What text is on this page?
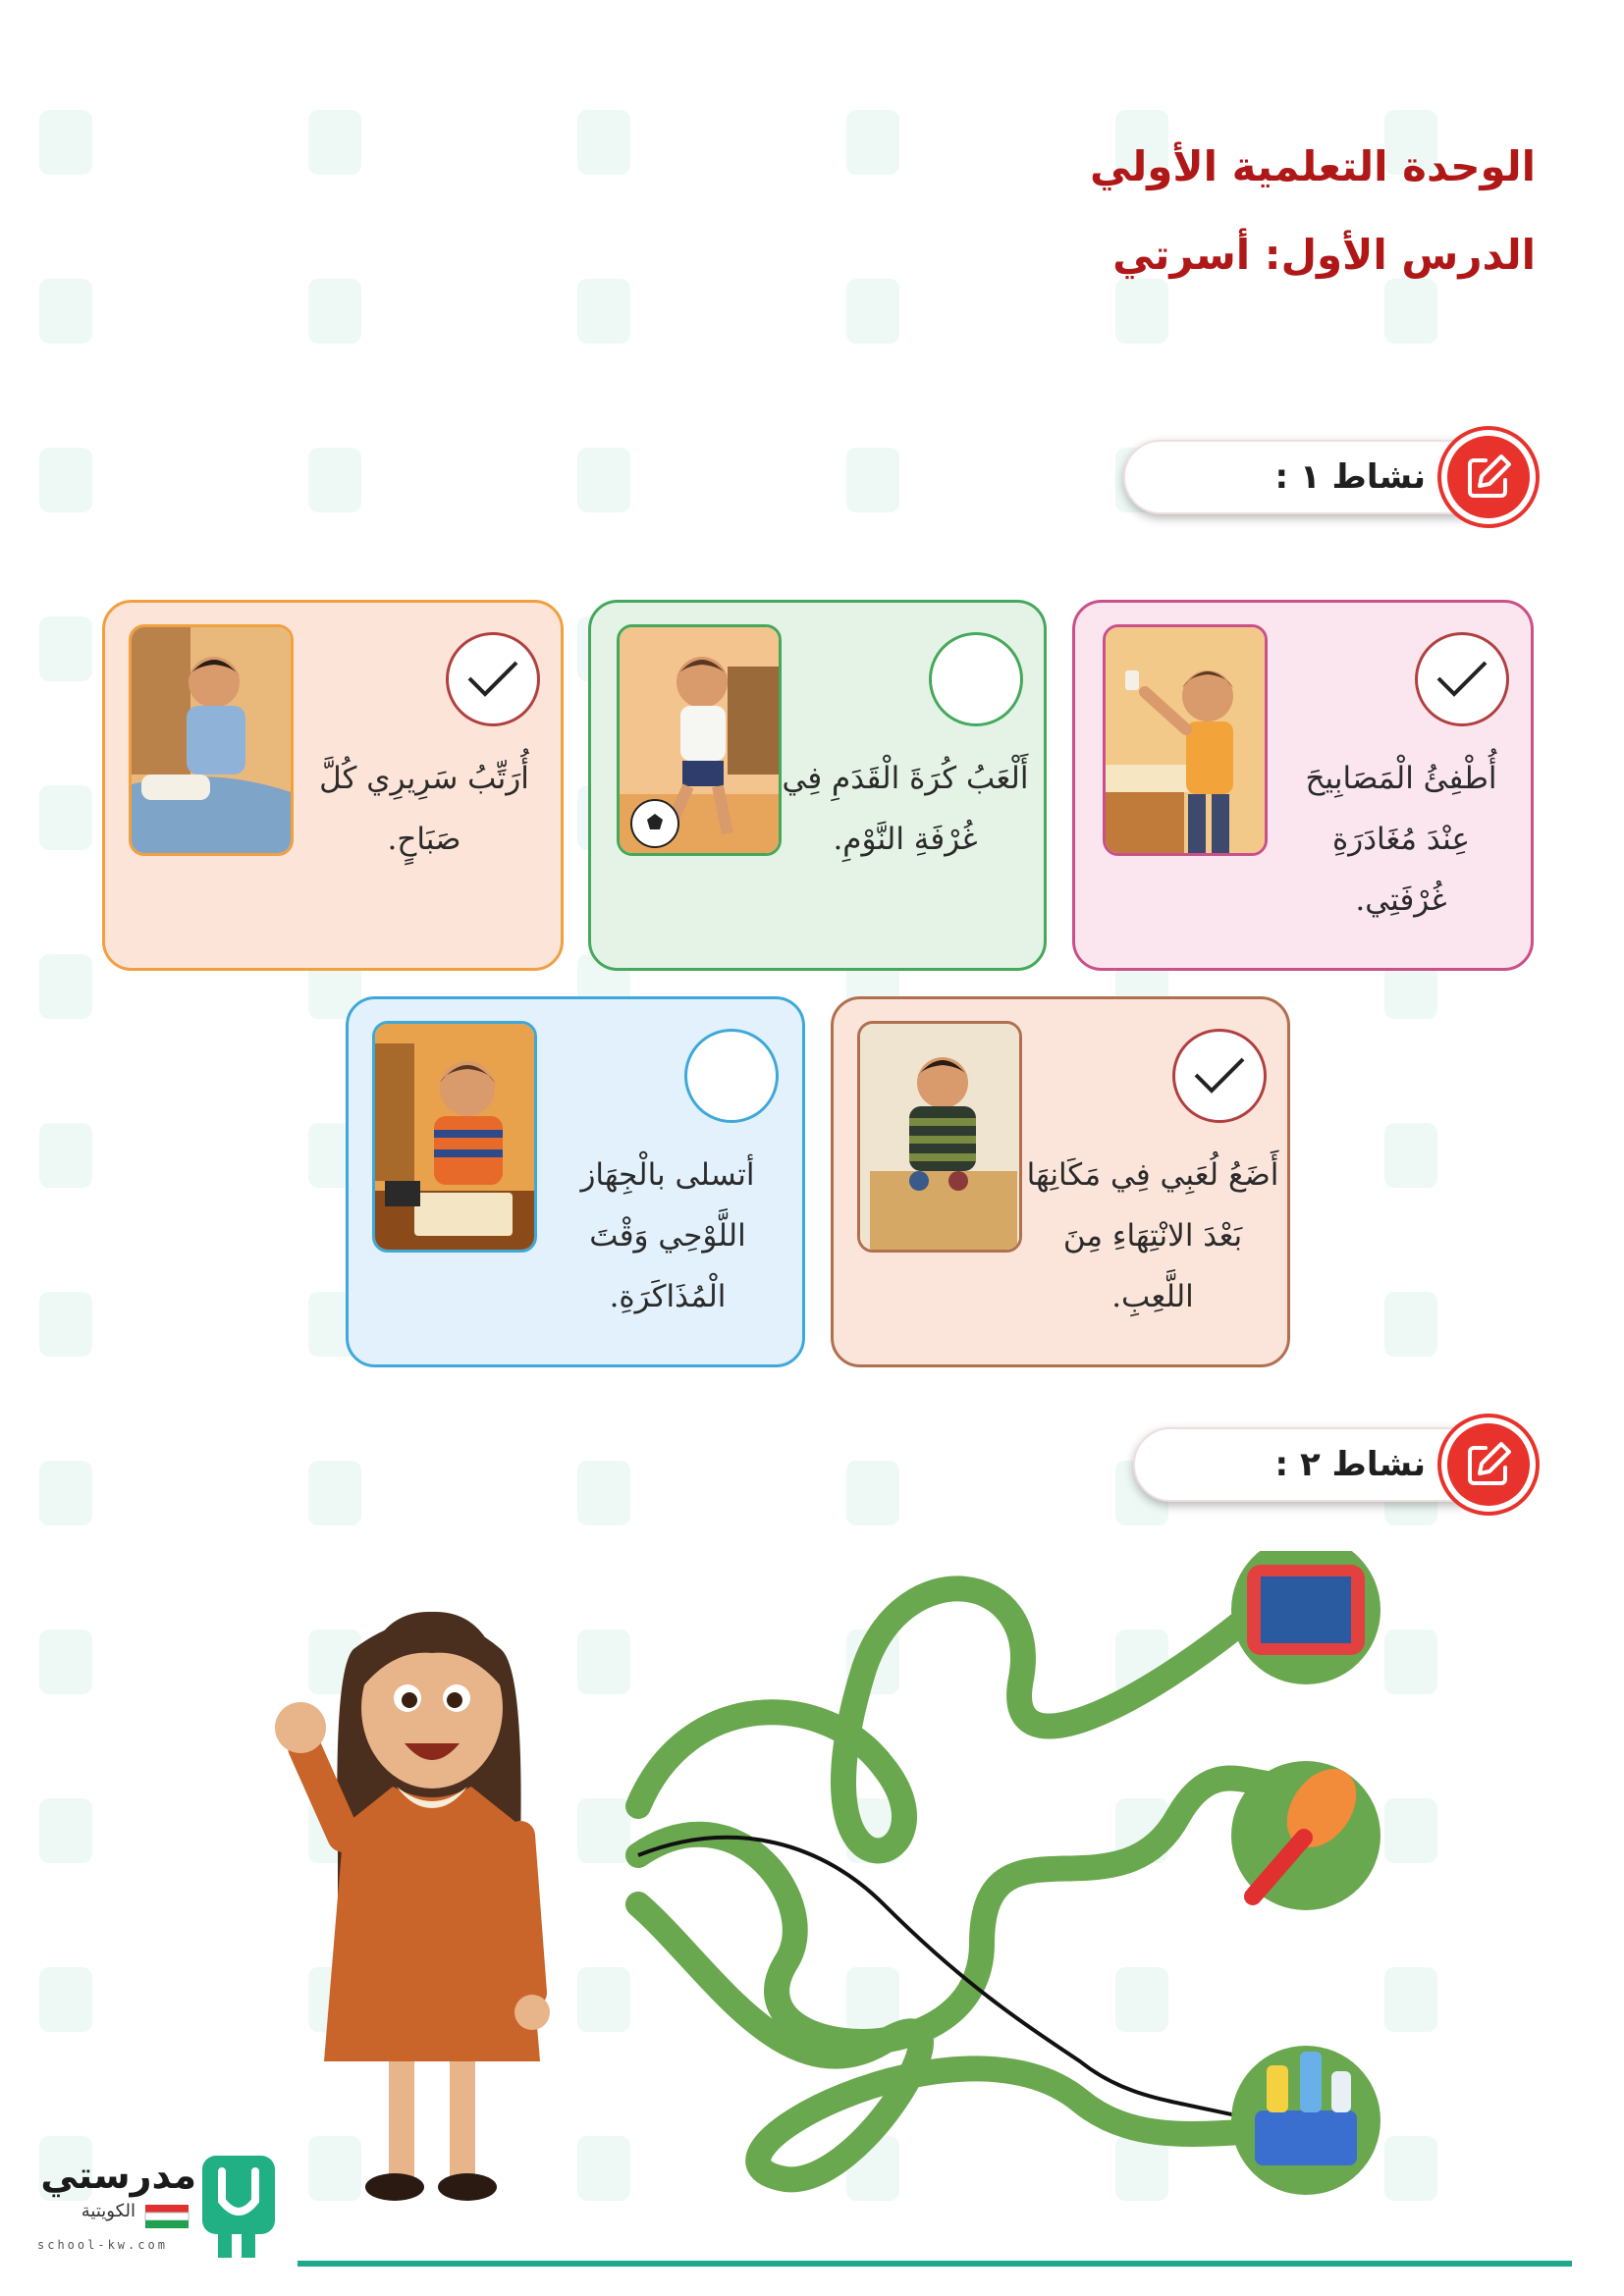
الوحدة التعلمية الأولي
الدرس الأول: أسرتي
نشاط ١ :
أُطْفِئُ الْمَصَابِيحَ عِنْدَ مُغَادَرَةِ غُرْفَتِي.
أَلْعَبُ كُرَةَ الْقَدَمِ فِي غُرْفَةِ النَّوْمِ.
أُرَتِّبُ سَرِيرِي كُلَّ صَبَاحٍ.
أَضَعُ لُعَبِي فِي مَكَانِهَا بَعْدَ الانْتِهَاءِ مِنَ اللَّعِبِ.
أتسلى بالْجِهَاز اللَّوْحِي وَقْتَ الْمُذَاكَرَةِ.
نشاط ٢ :
مدرستي
الكويتية
school-kw.com
